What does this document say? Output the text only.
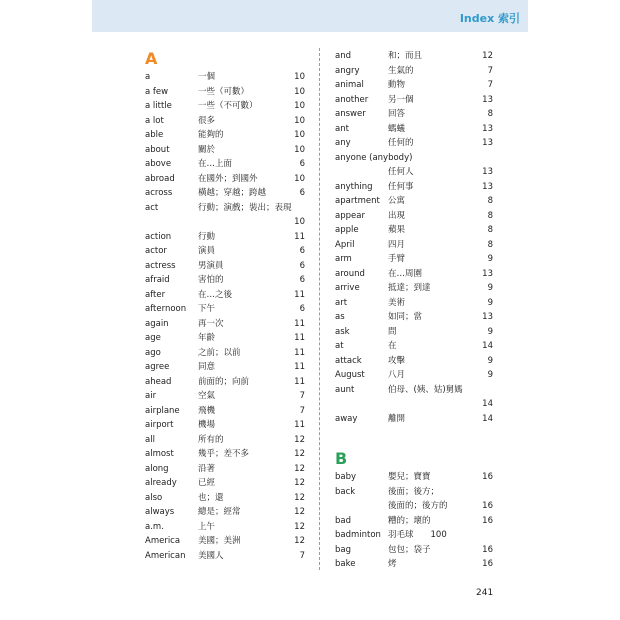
Index 索引
A
a	一個	10
a few	一些（可數）	10
a little	一些（不可數）	10
a lot	很多	10
able	能夠的	10
about	關於	10
above	在…上面	6
abroad	在國外；到國外	10
across	橫越；穿越；跨越	6
act	行動；演戲；裝出；表現
10
action	行動	11
actor	演員	6
actress	男演員	6
afraid	害怕的	6
after	在…之後	11
afternoon 下午	6
again	再一次	11
age	年齡	11
ago	之前；以前	11
agree	同意	11
ahead	前面的；向前	11
air	空氣	7
airplane 飛機	7
airport	機場	11
all	所有的	12
almost	幾乎；差不多	12
along	沿著	12
already	已經	12
also	也；還	12
always	總是；經常	12
a.m.	上午	12
America 美國；美洲	12
American 美國人	7
and	和；而且	12
angry	生氣的	7
animal	動物	7
another 另一個	13
answer	回答	8
ant	螞蟻	13
any	任何的	13
anyone (anybody)
任何人	13
anything 任何事	13
apartment 公寓	8
appear	出現	8
apple	蘋果	8
April	四月	8
arm	手臂	9
around	在…周圍	13
arrive	抵達；到達	9
art	美術	9
as	如同；當	13
ask	問	9
at	在	14
attack	攻擊	9
August	八月	9
aunt	伯母、(姨、姑)舅媽
14
away	離開	14
B
baby	嬰兒；寶寶	16
back	後面；後方；
後面的；後方的	16
bad	糟的；壞的	16
badminton 羽毛球　　100
bag	包包；袋子	16
bake	烤	16
241
